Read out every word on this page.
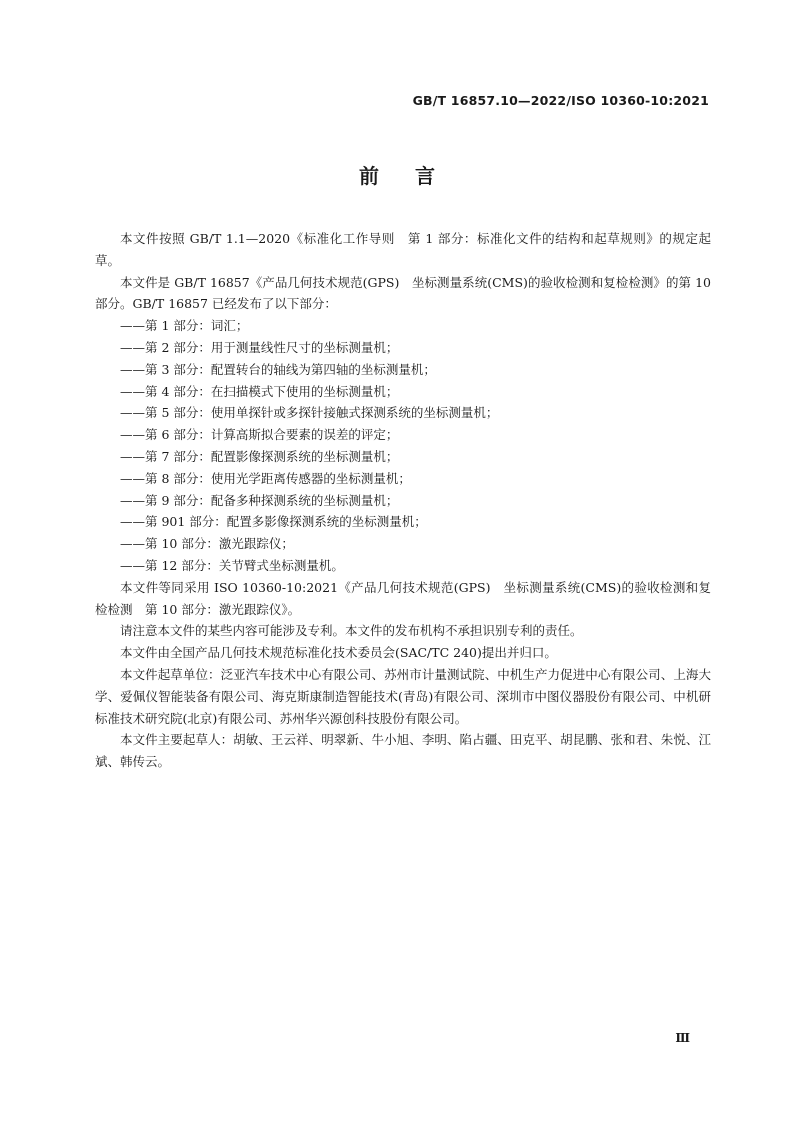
GB/T 16857.10—2022/ISO 10360-10:2021
前言

本文件按照 GB/T 1.1—2020《标准化工作导则　第 1 部分：标准化文件的结构和起草规则》的规定起草。

本文件是 GB/T 16857《产品几何技术规范(GPS)　坐标测量系统(CMS)的验收检测和复检检测》的第 10 部分。GB/T 16857 已经发布了以下部分：

——第 1 部分：词汇；

——第 2 部分：用于测量线性尺寸的坐标测量机；

——第 3 部分：配置转台的轴线为第四轴的坐标测量机；

——第 4 部分：在扫描模式下使用的坐标测量机；

——第 5 部分：使用单探针或多探针接触式探测系统的坐标测量机；

——第 6 部分：计算高斯拟合要素的误差的评定；

——第 7 部分：配置影像探测系统的坐标测量机；

——第 8 部分：使用光学距离传感器的坐标测量机；

——第 9 部分：配备多种探测系统的坐标测量机；

——第 901 部分：配置多影像探测系统的坐标测量机；

——第 10 部分：激光跟踪仪；

——第 12 部分：关节臂式坐标测量机。

本文件等同采用 ISO 10360-10:2021《产品几何技术规范(GPS)　坐标测量系统(CMS)的验收检测和复检检测　第 10 部分：激光跟踪仪》。

请注意本文件的某些内容可能涉及专利。本文件的发布机构不承担识别专利的责任。

本文件由全国产品几何技术规范标准化技术委员会(SAC/TC 240)提出并归口。

本文件起草单位：泛亚汽车技术中心有限公司、苏州市计量测试院、中机生产力促进中心有限公司、上海大学、爱佩仪智能装备有限公司、海克斯康制造智能技术(青岛)有限公司、深圳市中图仪器股份有限公司、中机研标准技术研究院(北京)有限公司、苏州华兴源创科技股份有限公司。

本文件主要起草人：胡敏、王云祥、明翠新、牛小旭、李明、陷占疆、田克平、胡昆鹏、张和君、朱悦、江斌、韩传云。

Ⅲ
